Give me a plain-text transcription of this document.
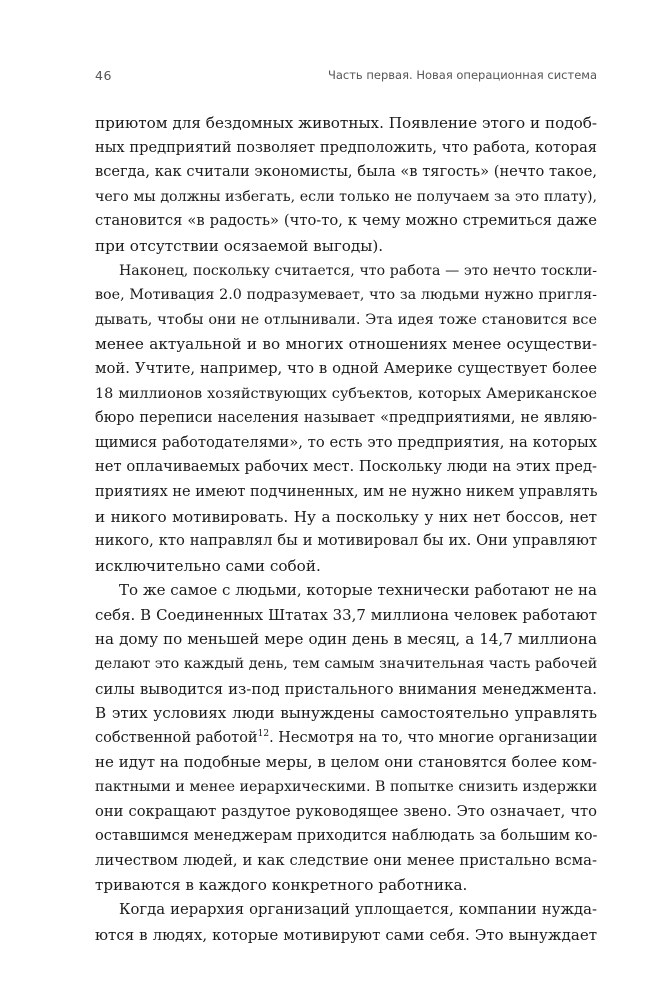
46	Часть первая. Новая операционная система
приютом для бездомных животных. Появление этого и подоб-
ных предприятий позволяет предположить, что работа, которая
всегда, как считали экономисты, была «в тягость» (нечто такое,
чего мы должны избегать, если только не получаем за это плату),
становится «в радость» (что-то, к чему можно стремиться даже
при отсутствии осязаемой выгоды).
Наконец, поскольку считается, что работа — это нечто тоскли-
вое, Мотивация 2.0 подразумевает, что за людьми нужно пригля-
дывать, чтобы они не отлынивали. Эта идея тоже становится все
менее актуальной и во многих отношениях менее осуществи-
мой. Учтите, например, что в одной Америке существует более
18 миллионов хозяйствующих субъектов, которых Американское
бюро переписи населения называет «предприятиями, не являю-
щимися работодателями», то есть это предприятия, на которых
нет оплачиваемых рабочих мест. Поскольку люди на этих пред-
приятиях не имеют подчиненных, им не нужно никем управлять
и никого мотивировать. Ну а поскольку у них нет боссов, нет
никого, кто направлял бы и мотивировал бы их. Они управляют
исключительно сами собой.
То же самое с людьми, которые технически работают не на
себя. В Соединенных Штатах 33,7 миллиона человек работают
на дому по меньшей мере один день в месяц, а 14,7 миллиона
делают это каждый день, тем самым значительная часть рабочей
силы выводится из-под пристального внимания менеджмента.
В этих условиях люди вынуждены самостоятельно управлять
собственной работой$^{12}$. Несмотря на то, что многие организации
не идут на подобные меры, в целом они становятся более ком-
пактными и менее иерархическими. В попытке снизить издержки
они сокращают раздутое руководящее звено. Это означает, что
оставшимся менеджерам приходится наблюдать за большим ко-
личеством людей, и как следствие они менее пристально всма-
триваются в каждого конкретного работника.
Когда иерархия организаций уплощается, компании нужда-
ются в людях, которые мотивируют сами себя. Это вынуждает
